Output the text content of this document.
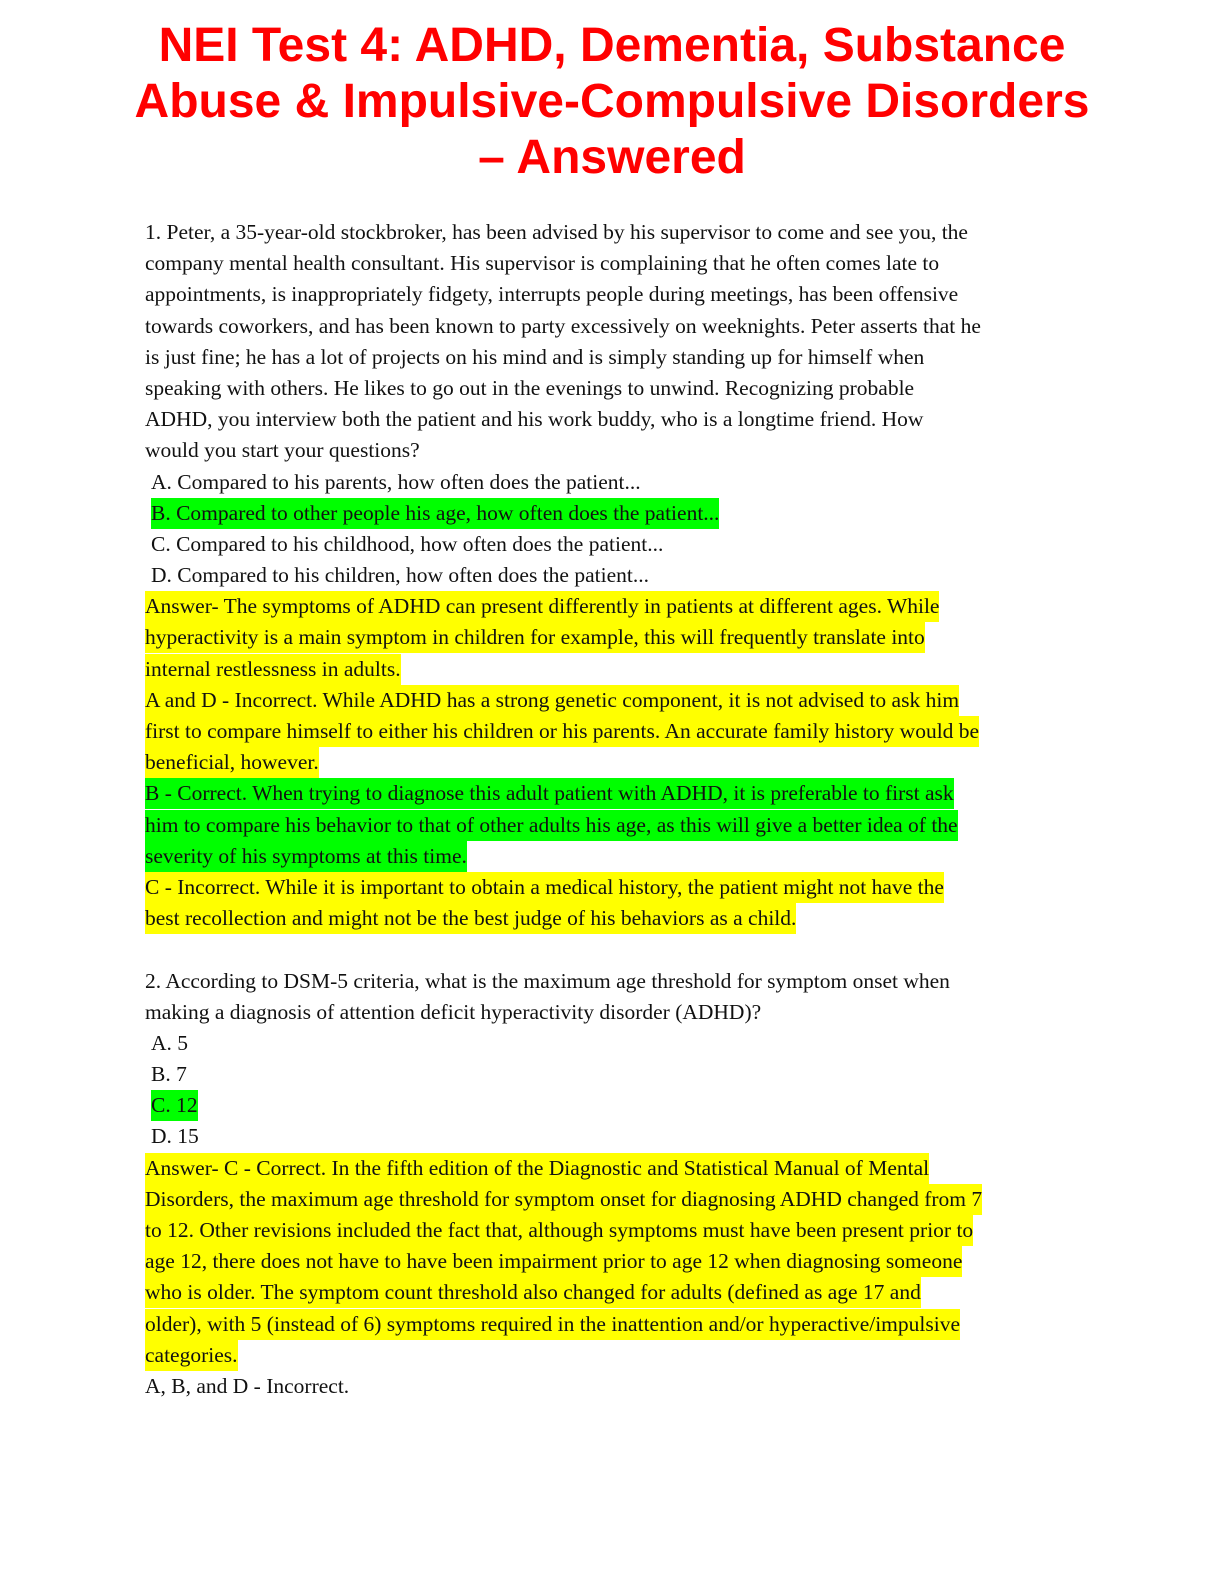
NEI Test 4: ADHD, Dementia, Substance
Abuse & Impulsive-Compulsive Disorders
– Answered
1. Peter, a 35-year-old stockbroker, has been advised by his supervisor to come and see you, the
company mental health consultant. His supervisor is complaining that he often comes late to
appointments, is inappropriately fidgety, interrupts people during meetings, has been offensive
towards coworkers, and has been known to party excessively on weeknights. Peter asserts that he
is just fine; he has a lot of projects on his mind and is simply standing up for himself when
speaking with others. He likes to go out in the evenings to unwind. Recognizing probable
ADHD, you interview both the patient and his work buddy, who is a longtime friend. How
would you start your questions?
A. Compared to his parents, how often does the patient...
B. Compared to other people his age, how often does the patient...
C. Compared to his childhood, how often does the patient...
D. Compared to his children, how often does the patient...
Answer- The symptoms of ADHD can present differently in patients at different ages. While
hyperactivity is a main symptom in children for example, this will frequently translate into
internal restlessness in adults.
A and D - Incorrect. While ADHD has a strong genetic component, it is not advised to ask him
first to compare himself to either his children or his parents. An accurate family history would be
beneficial, however.
B - Correct. When trying to diagnose this adult patient with ADHD, it is preferable to first ask
him to compare his behavior to that of other adults his age, as this will give a better idea of the
severity of his symptoms at this time.
C - Incorrect. While it is important to obtain a medical history, the patient might not have the
best recollection and might not be the best judge of his behaviors as a child.
2. According to DSM-5 criteria, what is the maximum age threshold for symptom onset when
making a diagnosis of attention deficit hyperactivity disorder (ADHD)?
A. 5
B. 7
C. 12
D. 15
Answer- C - Correct. In the fifth edition of the Diagnostic and Statistical Manual of Mental
Disorders, the maximum age threshold for symptom onset for diagnosing ADHD changed from 7
to 12. Other revisions included the fact that, although symptoms must have been present prior to
age 12, there does not have to have been impairment prior to age 12 when diagnosing someone
who is older. The symptom count threshold also changed for adults (defined as age 17 and
older), with 5 (instead of 6) symptoms required in the inattention and/or hyperactive/impulsive
categories.
A, B, and D - Incorrect.
